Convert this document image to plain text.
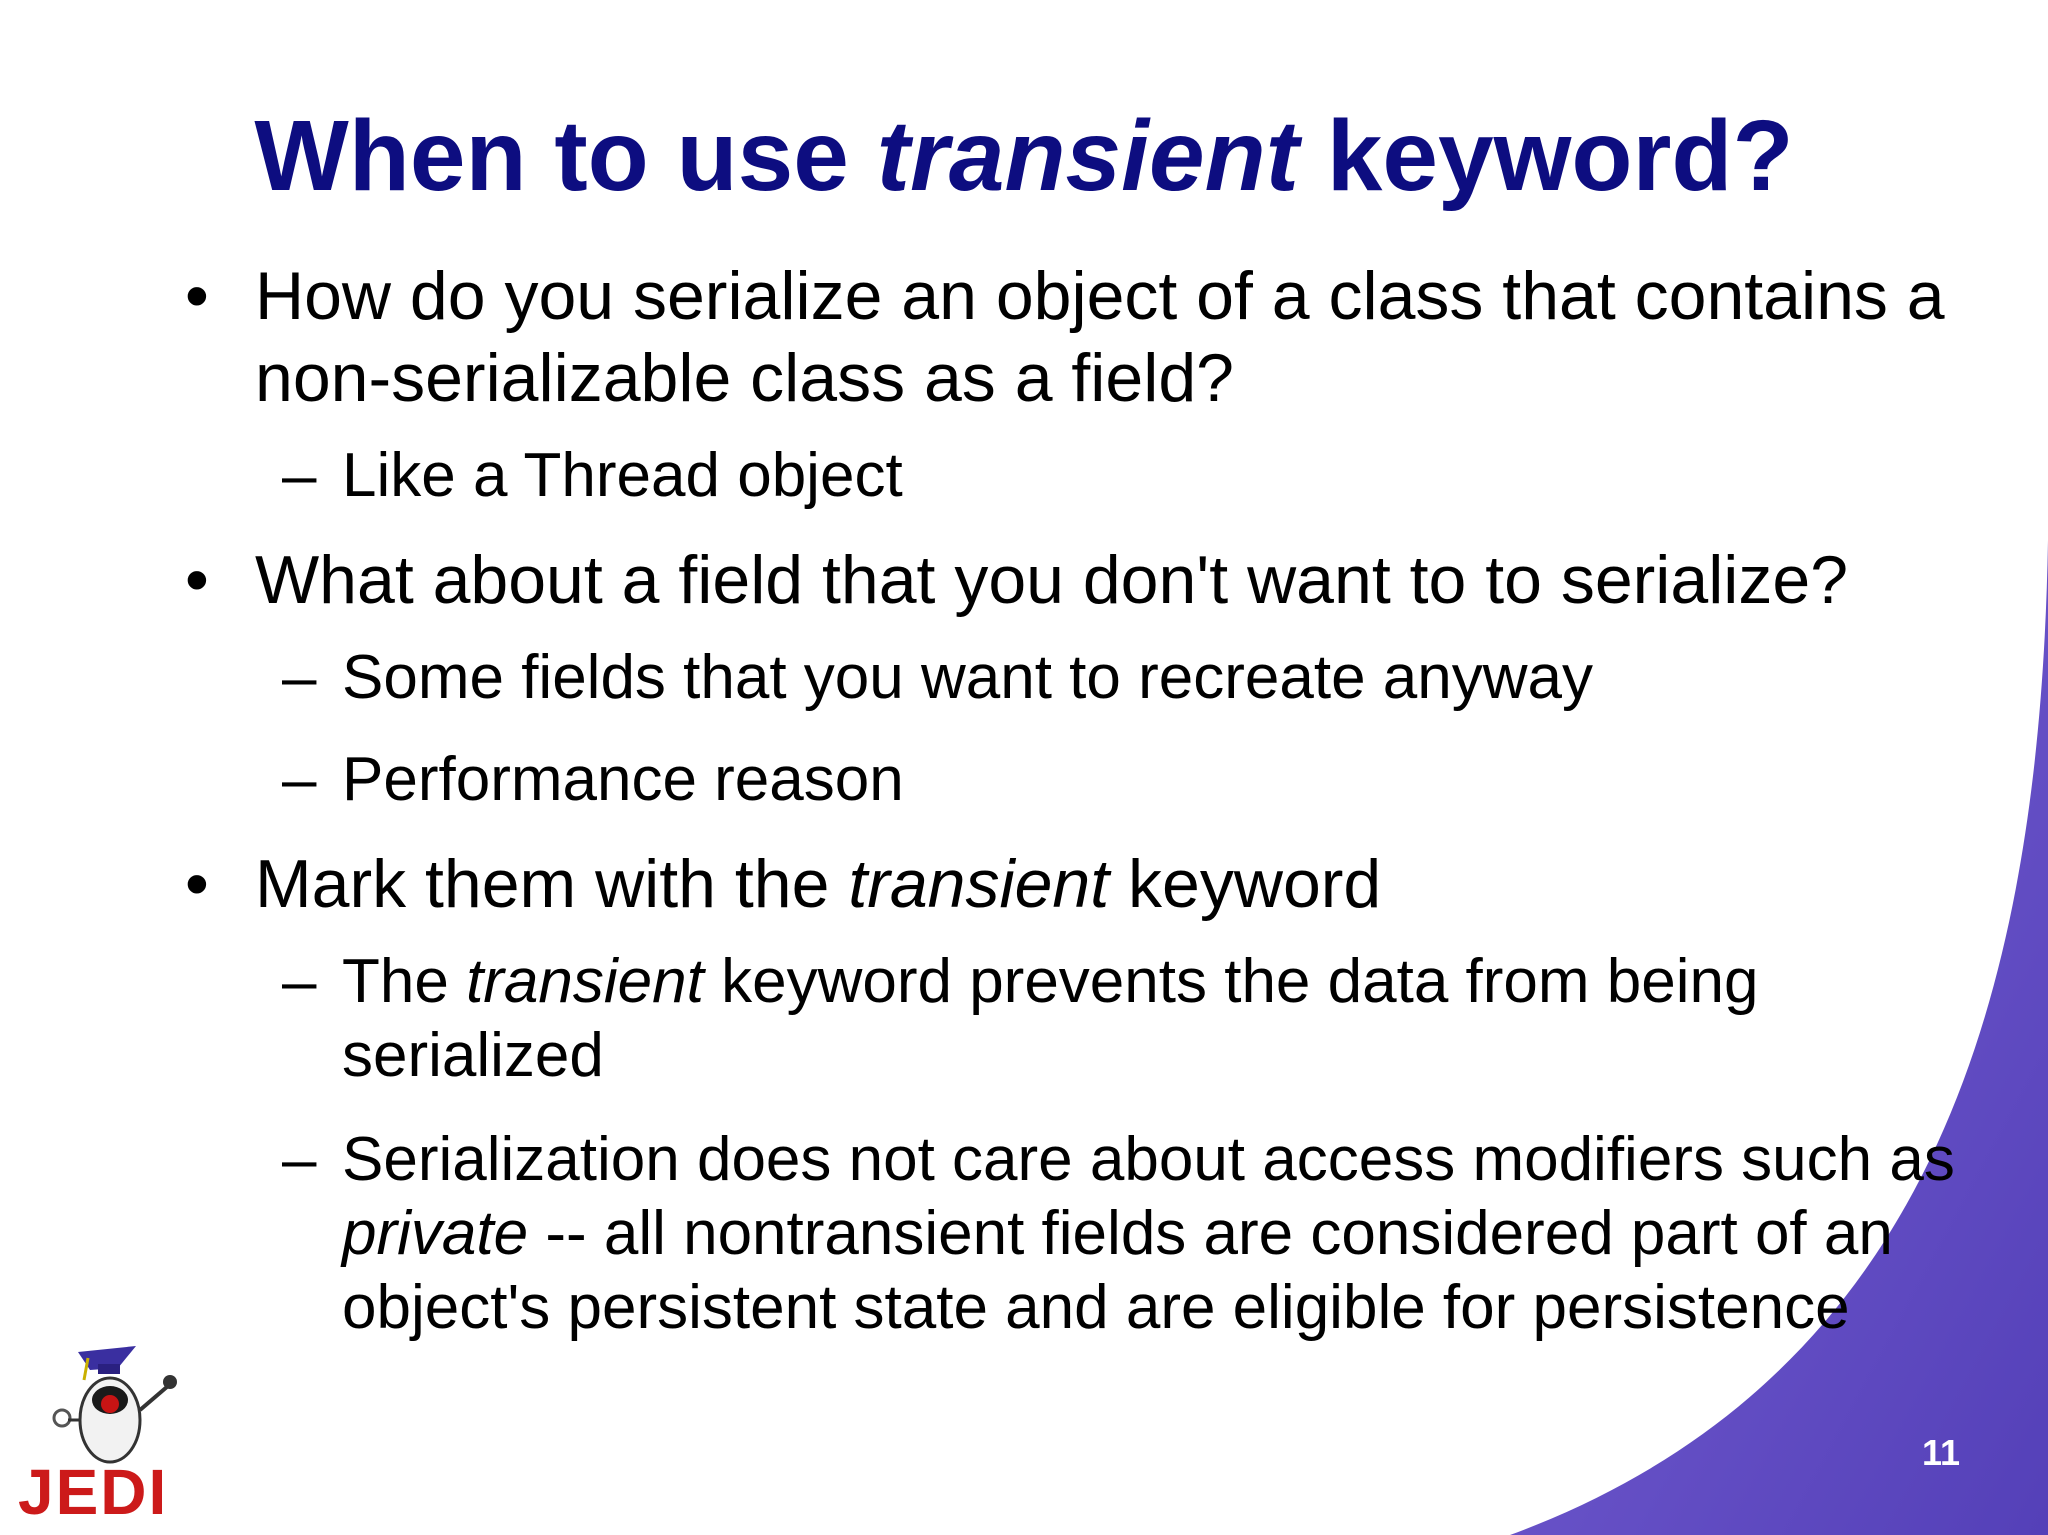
When to use transient keyword?
• How do you serialize an object of a class that contains a non-serializable class as a field?
– Like a Thread object
• What about a field that you don't want to to serialize?
– Some fields that you want to recreate anyway
– Performance reason
• Mark them with the transient keyword
– The transient keyword prevents the data from being serialized
– Serialization does not care about access modifiers such as private -- all nontransient fields are considered part of an object's persistent state and are eligible for persistence
JEDI
11
